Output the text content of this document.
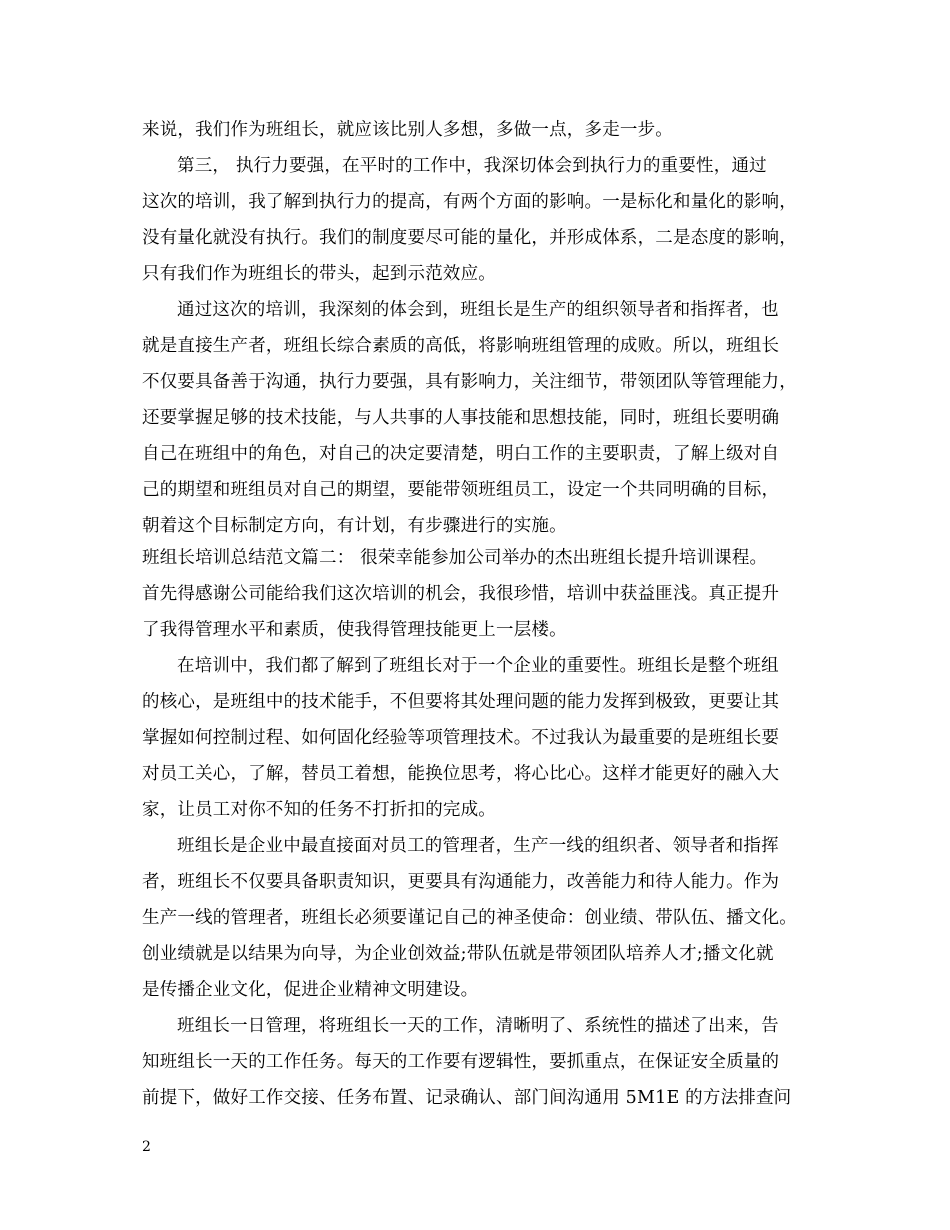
来说，我们作为班组长，就应该比别人多想，多做一点，多走一步。
第三， 执行力要强，在平时的工作中，我深切体会到执行力的重要性，通过
这次的培训，我了解到执行力的提高，有两个方面的影响。一是标化和量化的影响，
没有量化就没有执行。我们的制度要尽可能的量化，并形成体系，二是态度的影响，
只有我们作为班组长的带头，起到示范效应。
通过这次的培训，我深刻的体会到，班组长是生产的组织领导者和指挥者，也
就是直接生产者，班组长综合素质的高低，将影响班组管理的成败。所以，班组长
不仅要具备善于沟通，执行力要强，具有影响力，关注细节，带领团队等管理能力，
还要掌握足够的技术技能，与人共事的人事技能和思想技能，同时，班组长要明确
自己在班组中的角色，对自己的决定要清楚，明白工作的主要职责，了解上级对自
己的期望和班组员对自己的期望，要能带领班组员工，设定一个共同明确的目标，
朝着这个目标制定方向，有计划，有步骤进行的实施。
班组长培训总结范文篇二： 很荣幸能参加公司举办的杰出班组长提升培训课程。
首先得感谢公司能给我们这次培训的机会，我很珍惜，培训中获益匪浅。真正提升
了我得管理水平和素质，使我得管理技能更上一层楼。
在培训中，我们都了解到了班组长对于一个企业的重要性。班组长是整个班组
的核心，是班组中的技术能手，不但要将其处理问题的能力发挥到极致，更要让其
掌握如何控制过程、如何固化经验等项管理技术。不过我认为最重要的是班组长要
对员工关心，了解，替员工着想，能换位思考，将心比心。这样才能更好的融入大
家，让员工对你不知的任务不打折扣的完成。
班组长是企业中最直接面对员工的管理者，生产一线的组织者、领导者和指挥
者，班组长不仅要具备职责知识，更要具有沟通能力，改善能力和待人能力。作为
生产一线的管理者，班组长必须要谨记自己的神圣使命：创业绩、带队伍、播文化。
创业绩就是以结果为向导，为企业创效益;带队伍就是带领团队培养人才;播文化就
是传播企业文化，促进企业精神文明建设。
班组长一日管理，将班组长一天的工作，清晰明了、系统性的描述了出来，告
知班组长一天的工作任务。每天的工作要有逻辑性，要抓重点，在保证安全质量的
前提下，做好工作交接、任务布置、记录确认、部门间沟通用 5M1E 的方法排查问
2
